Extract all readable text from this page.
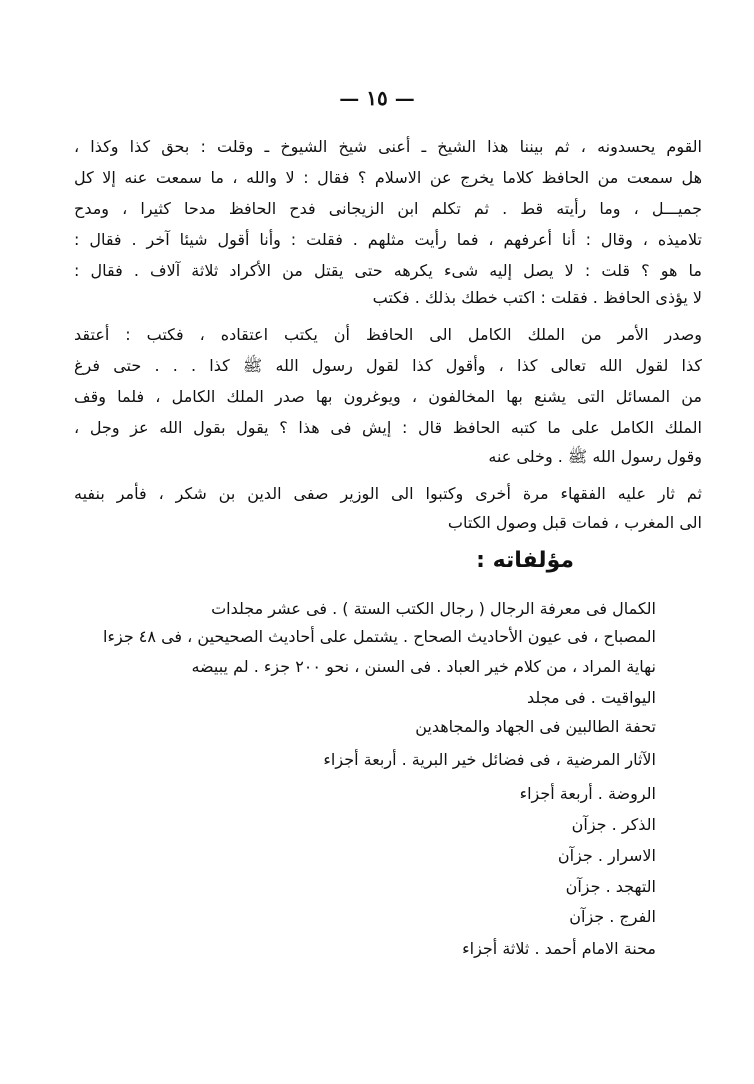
— ١٥ —
القوم يحسدونه ، ثم بيننا هذا الشيخ ـ أعنى شيخ الشيوخ ـ وقلت : بحق كذا وكذا ،
هل سمعت من الحافظ كلاما يخرج عن الاسلام ؟ فقال : لا والله ، ما سمعت عنه إلا كل
جميـــل ، وما رأيته قط . ثم تكلم ابن الزيجانى فدح الحافظ مدحا كثيرا ، ومدح
تلاميذه ، وقال : أنا أعرفهم ، فما رأيت مثلهم . فقلت : وأنا أقول شيئا آخر . فقال :
ما هو ؟ قلت : لا يصل إليه شىء يكرهه حتى يقتل من الأكراد ثلاثة آلاف . فقال :
لا يؤذى الحافظ . فقلت : اكتب خطك بذلك . فكتب
وصدر الأمر من الملك الكامل الى الحافظ أن يكتب اعتقاده ، فكتب : أعتقد
كذا لقول الله تعالى كذا ، وأقول كذا لقول رسول الله ﷺ كذا . . . حتى فرغ
من المسائل التى يشنع بها المخالفون ، ويوغرون بها صدر الملك الكامل ، فلما وقف
الملك الكامل على ما كتبه الحافظ قال : إيش فى هذا ؟ يقول بقول الله عز وجل ،
وقول رسول الله ﷺ . وخلى عنه
ثم ثار عليه الفقهاء مرة أخرى وكتبوا الى الوزير صفى الدين بن شكر ، فأمر بنفيه
الى المغرب ، فمات قبل وصول الكتاب
مؤلفاته :
الكمال فى معرفة الرجال ( رجال الكتب الستة ) . فى عشر مجلدات
المصباح ، فى عيون الأحاديث الصحاح . يشتمل على أحاديث الصحيحين ، فى ٤٨ جزءا
نهاية المراد ، من كلام خير العباد . فى السنن ، نحو ٢٠٠ جزء . لم يبيضه
اليواقيت . فى مجلد
تحفة الطالبين فى الجهاد والمجاهدين
الآثار المرضية ، فى فضائل خير البرية . أربعة أجزاء
الروضة . أربعة أجزاء
الذكر . جزآن
الاسرار . جزآن
التهجد . جزآن
الفرج . جزآن
محنة الامام أحمد . ثلاثة أجزاء
